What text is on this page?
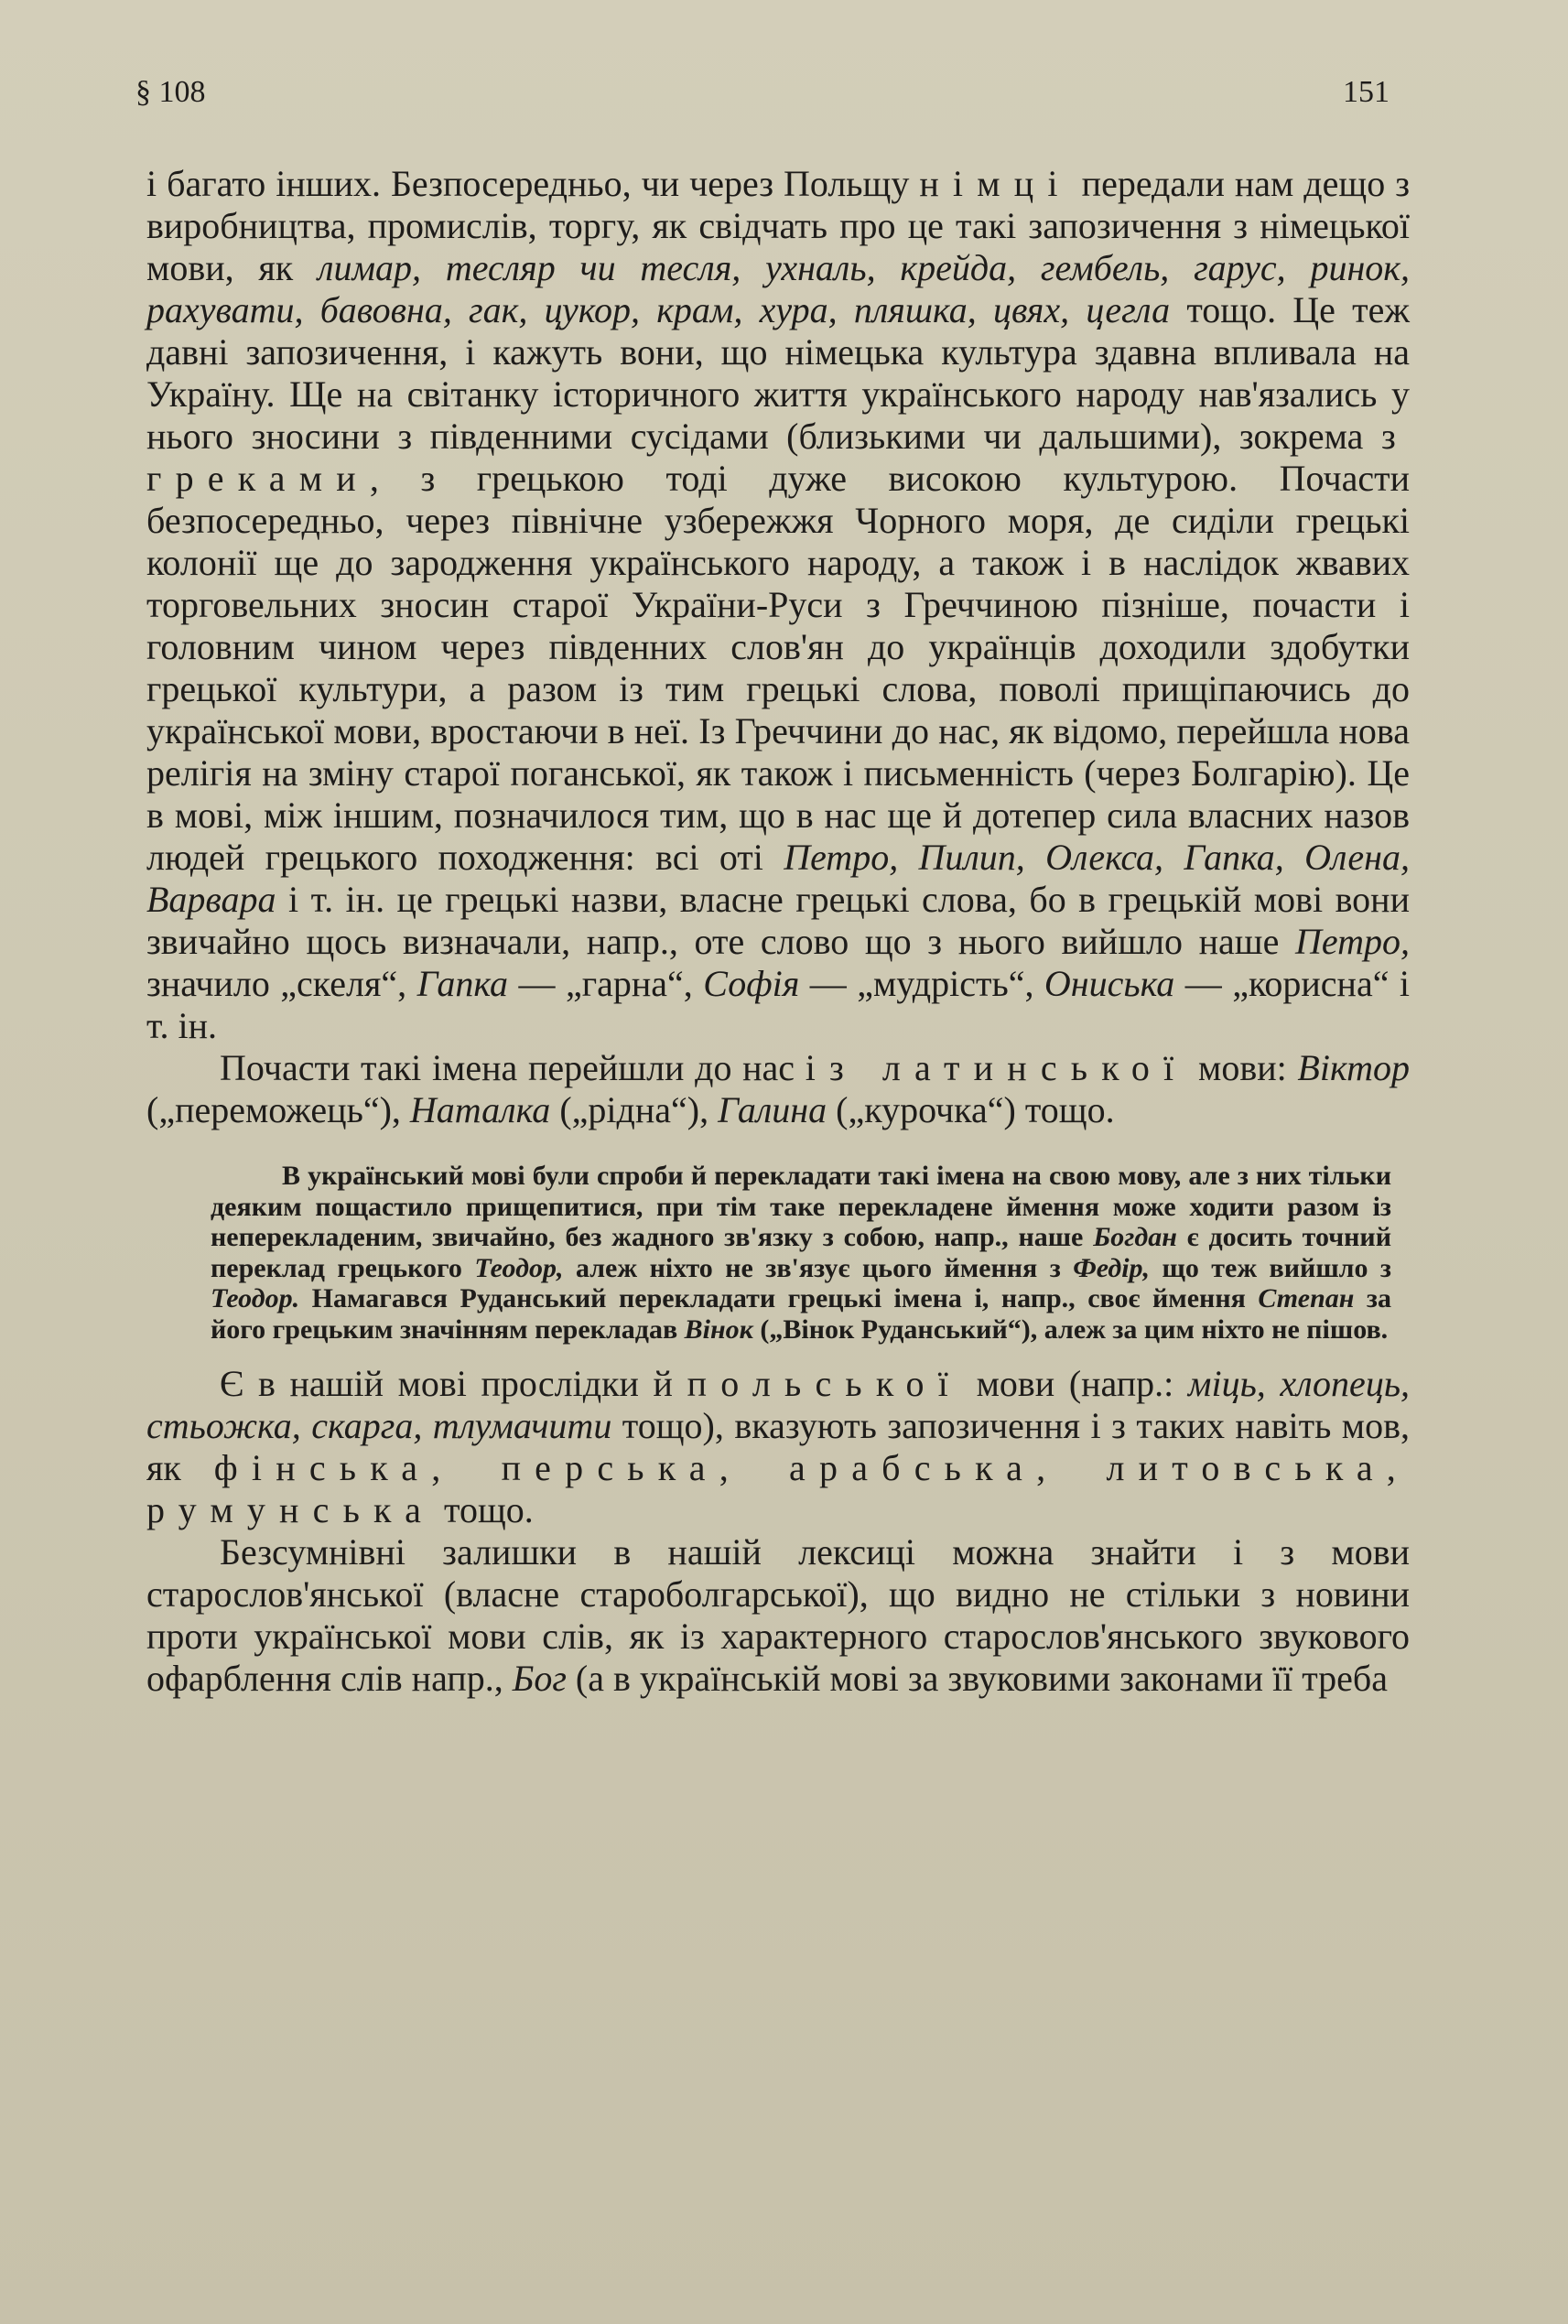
§ 108	151

і багато інших. Безпосередньо, чи через Польщу німці передали нам дещо з виробництва, промислів, торгу, як свідчать про це такі запозичення з німецької мови, як лимар, тесляр чи тесля, ухналь, крейда, гембель, гарус, ринок, рахувати, бавовна, гак, цукор, крам, хура, пляшка, цвях, цегла тощо. Це теж давні запозичення, і кажуть вони, що німецька культура здавна впливала на Україну. Ще на світанку історичного життя українського народу нав'язались у нього зносини з південними сусідами (близькими чи дальшими), зокрема з греками, з грецькою тоді дуже високою культурою. Почасти безпосередньо, через північне узбережжя Чорного моря, де сиділи грецькі колонії ще до зародження українського народу, а також і в наслідок жвавих торговельних зносин старої України-Руси з Греччиною пізніше, почасти і головним чином через південних слов'ян до українців доходили здобутки грецької культури, а разом із тим грецькі слова, поволі прищіпаючись до української мови, вростаючи в неї. Із Греччини до нас, як відомо, перейшла нова релігія на зміну старої поганської, як також і письменність (через Болгарію). Це в мові, між іншим, позначилося тим, що в нас ще й дотепер сила власних назов людей грецького походження: всі оті Петро, Пилип, Олекса, Гапка, Олена, Варвара і т. ін. це грецькі назви, власне грецькі слова, бо в грецькій мові вони звичайно щось визначали, напр., оте слово що з нього вийшло наше Петро, значило „скеля“, Гапка — „гарна“, Софія — „мудрість“, Ониська — „корисна“ і т. ін.

Почасти такі імена перейшли до нас із латинської мови: Віктор („переможець“), Наталка („рідна“), Галина („курочка“) тощо.

В український мові були спроби й перекладати такі імена на свою мову, але з них тільки деяким пощастило прищепитися, при тім таке перекладене ймення може ходити разом із неперекладеним, звичайно, без жадного зв'язку з собою, напр., наше Богдан є досить точний переклад грецького Теодор, алеж ніхто не зв'язує цього ймення з Федір, що теж вийшло з Теодор. Намагався Руданський перекладати грецькі імена і, напр., своє ймення Степан за його грецьким значінням перекладав Вінок („Вінок Руданський“), алеж за цим ніхто не пішов.

Є в нашій мові прослідки й польської мови (напр.: міць, хлопець, стьожка, скарга, тлумачити тощо), вказують запозичення і з таких навіть мов, як фінська, перська, арабська, литовська, румунська тощо.

Безсумнівні залишки в нашій лексиці можна знайти і з мови старослов'янської (власне староболгарської), що видно не стільки з новини проти української мови слів, як із характерного старослов'янського звукового офарблення слів напр., Бог (а в українській мові за звуковими законами її треба
